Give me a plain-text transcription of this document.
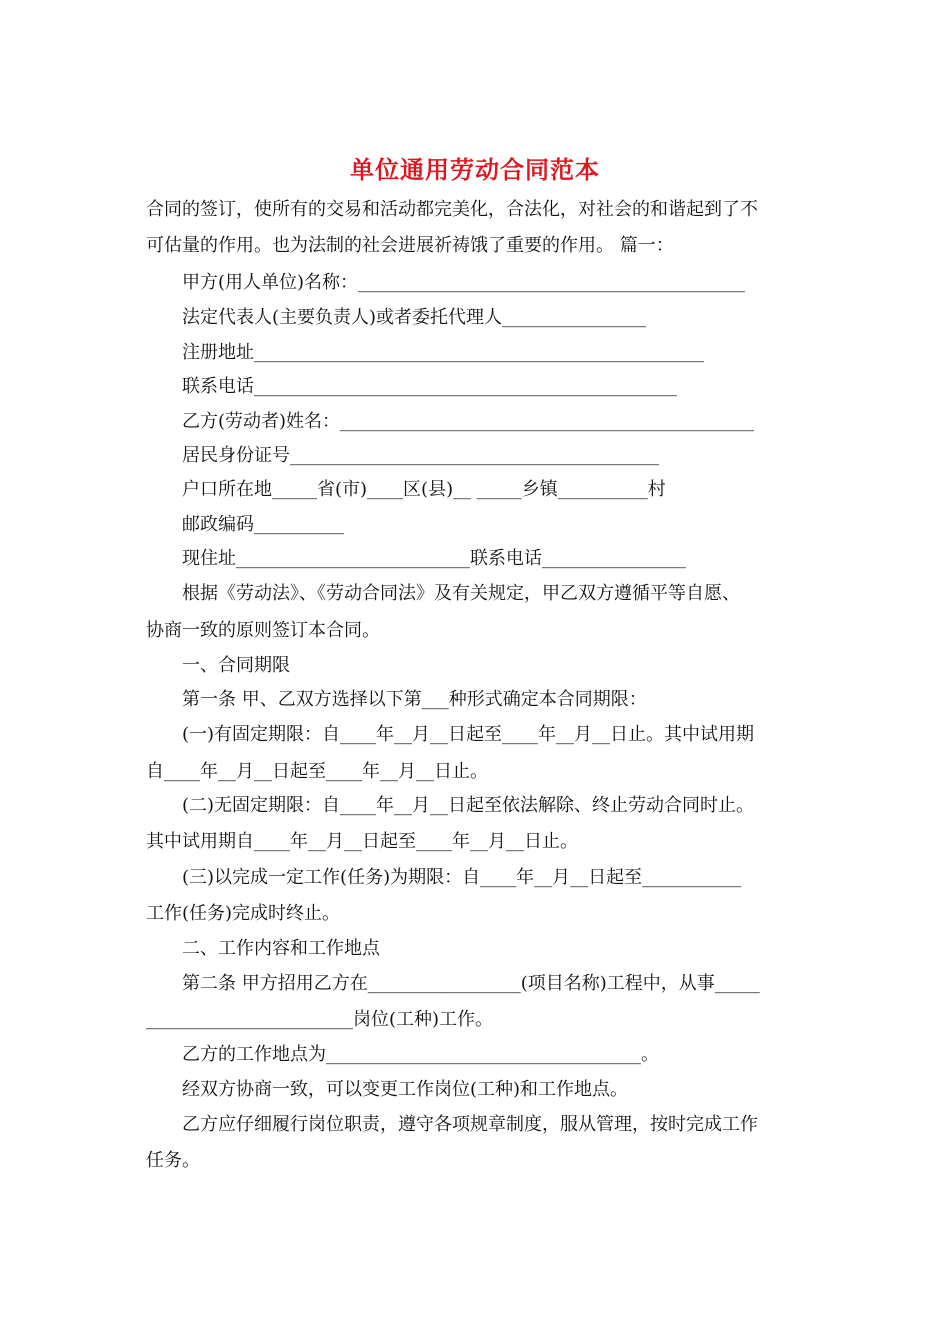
单位通用劳动合同范本
合同的签订，使所有的交易和活动都完美化，合法化，对社会的和谐起到了不
可估量的作用。也为法制的社会进展祈祷饿了重要的作用。 篇一：
甲方(用人单位)名称：___________________________________________
法定代表人(主要负责人)或者委托代理人________________
注册地址__________________________________________________
联系电话_______________________________________________
乙方(劳动者)姓名：______________________________________________
居民身份证号_________________________________________
户口所在地_____省(市)____区(县)__ _____乡镇__________村
邮政编码__________
现住址__________________________联系电话________________
根据《劳动法》、《劳动合同法》及有关规定，甲乙双方遵循平等自愿、
协商一致的原则签订本合同。
一、合同期限
第一条 甲、乙双方选择以下第___种形式确定本合同期限：
(一)有固定期限：自____年__月__日起至____年__月__日止。其中试用期
自____年__月__日起至____年__月__日止。
(二)无固定期限：自____年__月__日起至依法解除、终止劳动合同时止。
其中试用期自____年__月__日起至____年__月__日止。
(三)以完成一定工作(任务)为期限：自____年__月__日起至___________
工作(任务)完成时终止。
二、工作内容和工作地点
第二条 甲方招用乙方在_________________(项目名称)工程中，从事_____
_______________________岗位(工种)工作。
乙方的工作地点为___________________________________。
经双方协商一致，可以变更工作岗位(工种)和工作地点。
乙方应仔细履行岗位职责，遵守各项规章制度，服从管理，按时完成工作
任务。
